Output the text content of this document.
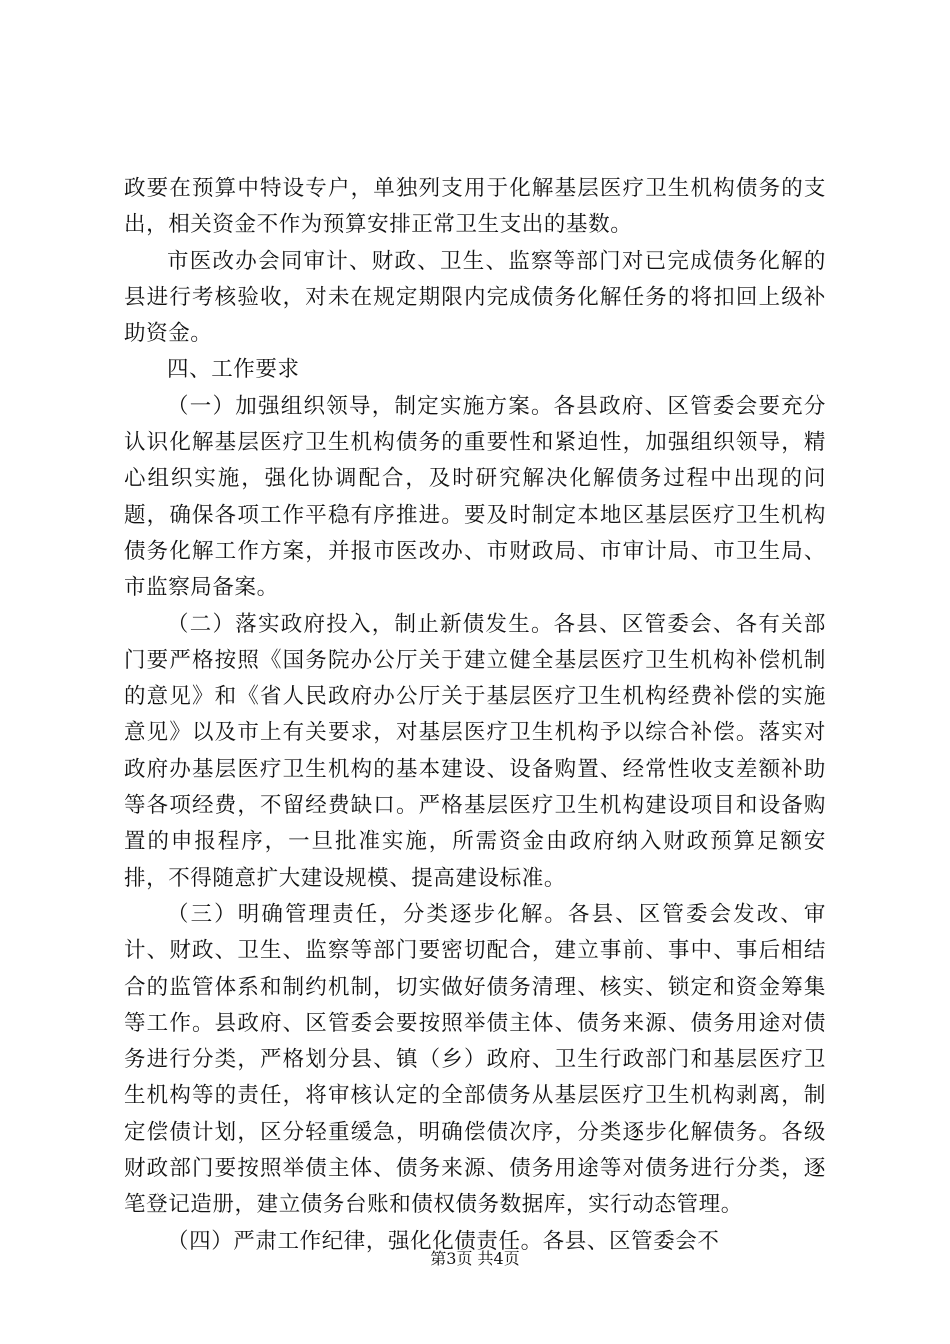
政要在预算中特设专户，单独列支用于化解基层医疗卫生机构债务的支出，相关资金不作为预算安排正常卫生支出的基数。

市医改办会同审计、财政、卫生、监察等部门对已完成债务化解的县进行考核验收，对未在规定期限内完成债务化解任务的将扣回上级补助资金。

四、工作要求

（一）加强组织领导，制定实施方案。各县政府、区管委会要充分认识化解基层医疗卫生机构债务的重要性和紧迫性，加强组织领导，精心组织实施，强化协调配合，及时研究解决化解债务过程中出现的问题，确保各项工作平稳有序推进。要及时制定本地区基层医疗卫生机构债务化解工作方案，并报市医改办、市财政局、市审计局、市卫生局、市监察局备案。

（二）落实政府投入，制止新债发生。各县、区管委会、各有关部门要严格按照《国务院办公厅关于建立健全基层医疗卫生机构补偿机制的意见》和《省人民政府办公厅关于基层医疗卫生机构经费补偿的实施意见》以及市上有关要求，对基层医疗卫生机构予以综合补偿。落实对政府办基层医疗卫生机构的基本建设、设备购置、经常性收支差额补助等各项经费，不留经费缺口。严格基层医疗卫生机构建设项目和设备购置的申报程序，一旦批准实施，所需资金由政府纳入财政预算足额安排，不得随意扩大建设规模、提高建设标准。

（三）明确管理责任，分类逐步化解。各县、区管委会发改、审计、财政、卫生、监察等部门要密切配合，建立事前、事中、事后相结合的监管体系和制约机制，切实做好债务清理、核实、锁定和资金筹集等工作。县政府、区管委会要按照举债主体、债务来源、债务用途对债务进行分类，严格划分县、镇（乡）政府、卫生行政部门和基层医疗卫生机构等的责任，将审核认定的全部债务从基层医疗卫生机构剥离，制定偿债计划，区分轻重缓急，明确偿债次序，分类逐步化解债务。各级财政部门要按照举债主体、债务来源、债务用途等对债务进行分类，逐笔登记造册，建立债务台账和债权债务数据库，实行动态管理。

（四）严肃工作纪律，强化化债责任。各县、区管委会不

第3页 共4页
